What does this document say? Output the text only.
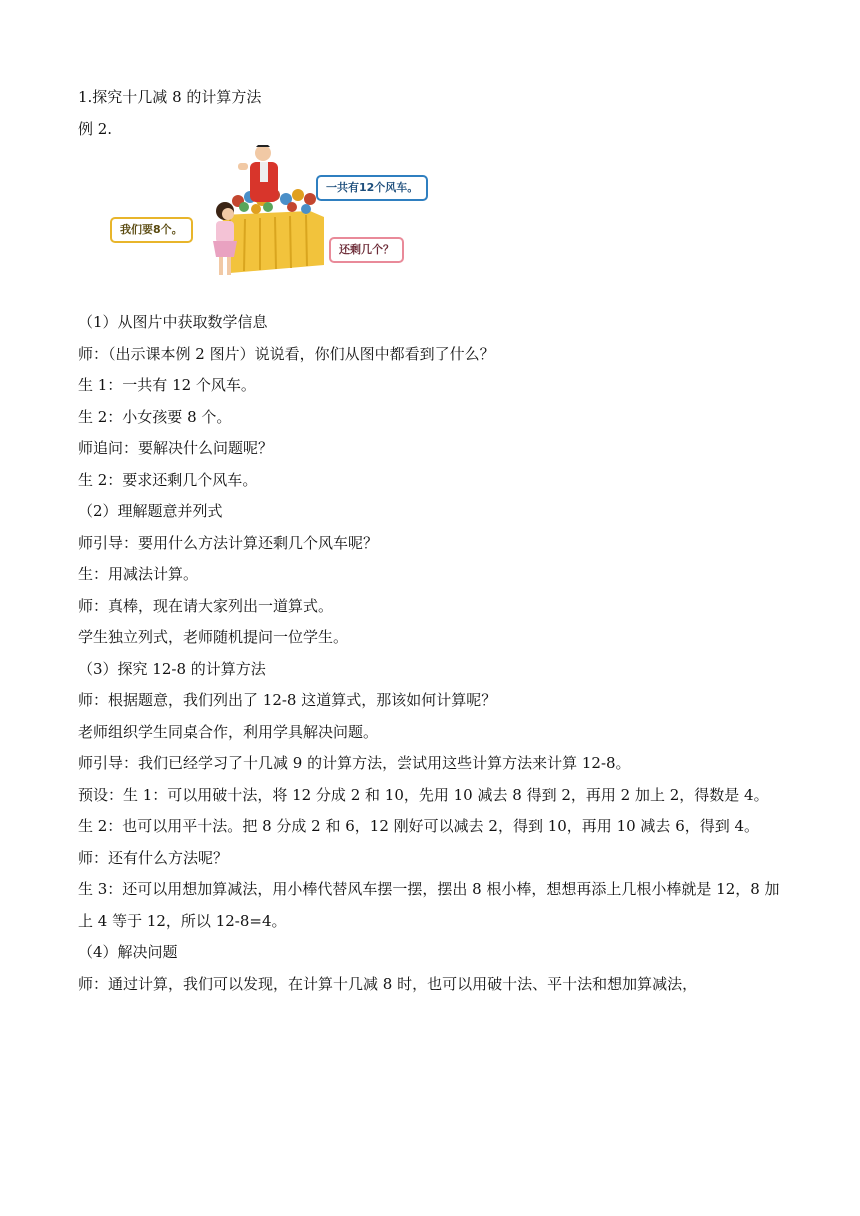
1.探究十几减 8 的计算方法
例 2.
一共有12个风车。
我们要8个。
还剩几个？
（1）从图片中获取数学信息
师：（出示课本例 2 图片）说说看，你们从图中都看到了什么？
生 1：一共有 12 个风车。
生 2：小女孩要 8 个。
师追问：要解决什么问题呢？
生 2：要求还剩几个风车。
（2）理解题意并列式
师引导：要用什么方法计算还剩几个风车呢？
生：用减法计算。
师：真棒，现在请大家列出一道算式。
学生独立列式，老师随机提问一位学生。
（3）探究 12-8 的计算方法
师：根据题意，我们列出了 12-8 这道算式，那该如何计算呢？
老师组织学生同桌合作，利用学具解决问题。
师引导：我们已经学习了十几减 9 的计算方法，尝试用这些计算方法来计算 12-8。
预设：生 1：可以用破十法，将 12 分成 2 和 10，先用 10 减去 8 得到 2，再用 2 加上 2，得数是 4。
生 2：也可以用平十法。把 8 分成 2 和 6，12 刚好可以减去 2，得到 10，再用 10 减去 6，得到 4。
师：还有什么方法呢？
生 3：还可以用想加算减法，用小棒代替风车摆一摆，摆出 8 根小棒，想想再添上几根小棒就是 12，8 加上 4 等于 12，所以 12-8=4。
（4）解决问题
师：通过计算，我们可以发现，在计算十几减 8 时，也可以用破十法、平十法和想加算减法，
